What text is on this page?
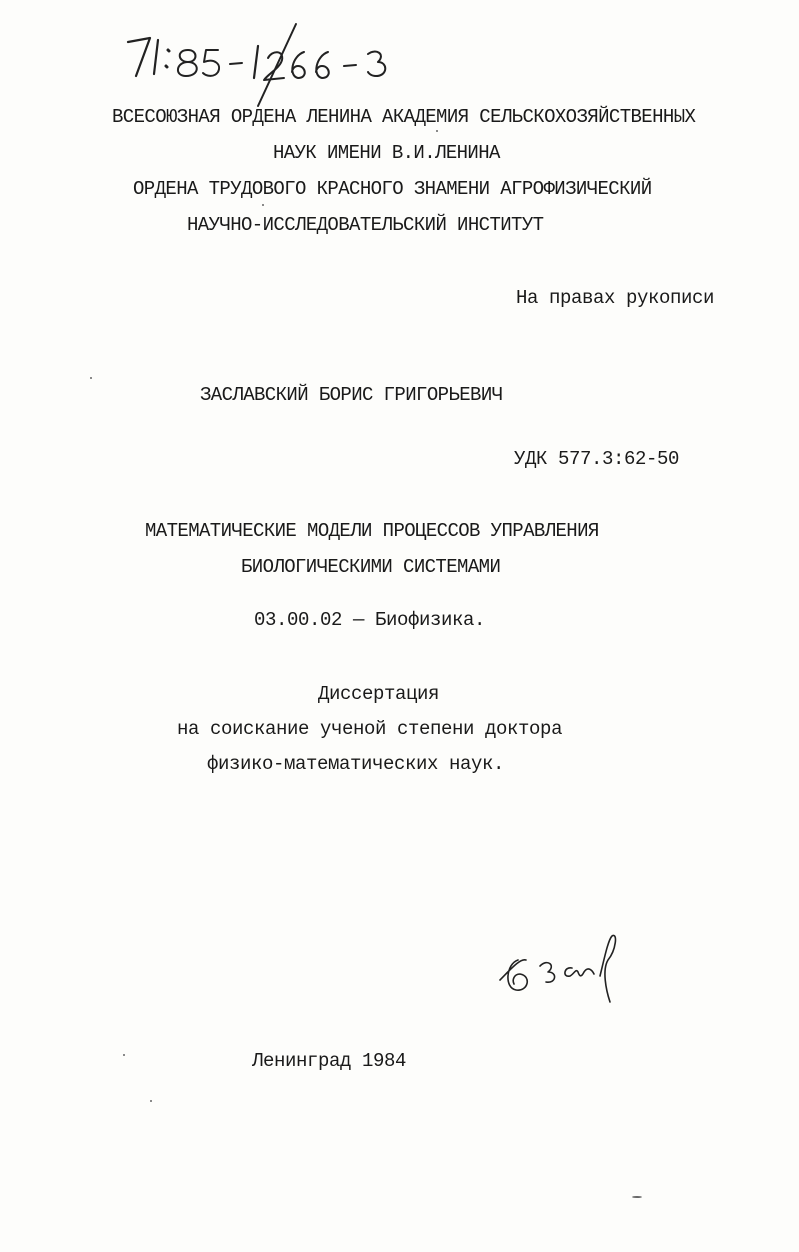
ВСЕСОЮЗНАЯ ОРДЕНА ЛЕНИНА АКАДЕМИЯ СЕЛЬСКОХОЗЯЙСТВЕННЫХ
НАУК ИМЕНИ В.И.ЛЕНИНА
ОРДЕНА ТРУДОВОГО КРАСНОГО ЗНАМЕНИ АГРОФИЗИЧЕСКИЙ
НАУЧНО-ИССЛЕДОВАТЕЛЬСКИЙ ИНСТИТУТ
На правах рукописи
ЗАСЛАВСКИЙ БОРИС ГРИГОРЬЕВИЧ
УДК 577.3:62-50
МАТЕМАТИЧЕСКИЕ МОДЕЛИ ПРОЦЕССОВ УПРАВЛЕНИЯ
БИОЛОГИЧЕСКИМИ СИСТЕМАМИ
03.00.02 — Биофизика.
Диссертация
на соискание ученой степени доктора
физико-математических наук.
Ленинград 1984
